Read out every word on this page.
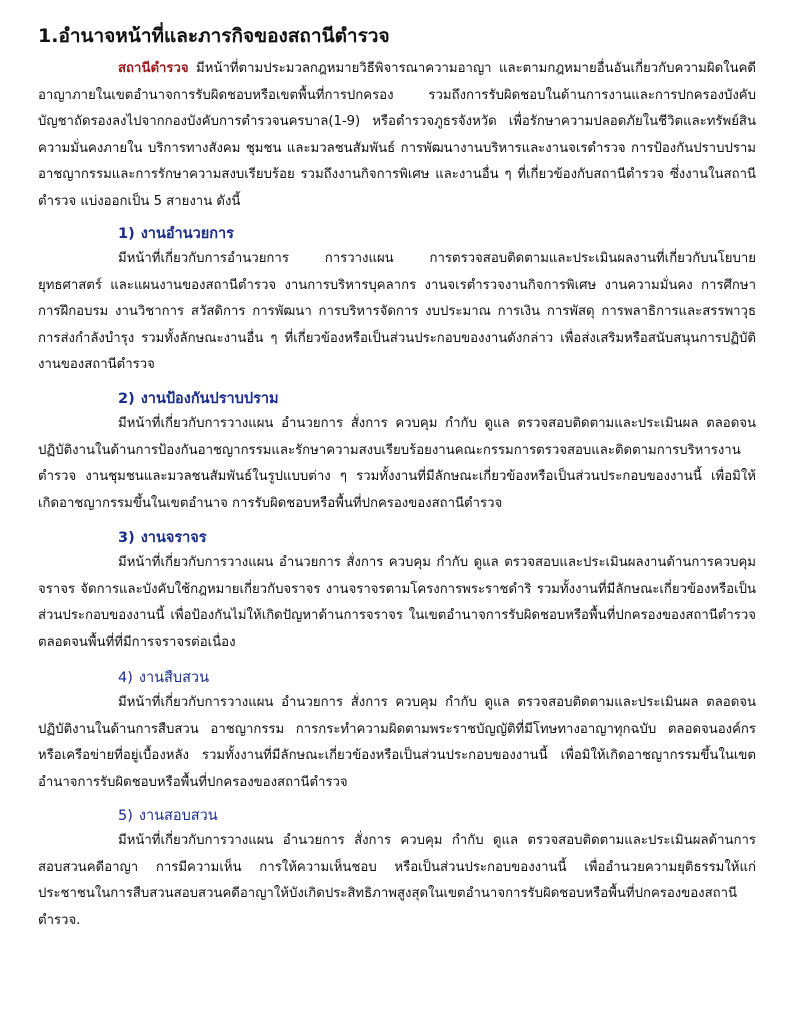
1.อำนาจหน้าที่และภารกิจของสถานีตำรวจ

สถานีตำรวจ มีหน้าที่ตามประมวลกฎหมายวิธีพิจารณาความอาญา และตามกฎหมายอื่นอันเกี่ยวกับความผิดในคดีอาญาภายในเขตอำนาจการรับผิดชอบหรือเขตพื้นที่การปกครอง รวมถึงการรับผิดชอบในด้านการงานและการปกครองบังคับบัญชาถัดรองลงไปจากกองบังคับการตำรวจนครบาล(1-9) หรือตำรวจภูธรจังหวัด เพื่อรักษาความปลอดภัยในชีวิตและทรัพย์สินความมั่นคงภายใน บริการทางสังคม ชุมชน และมวลชนสัมพันธ์ การพัฒนางานบริหารและงานจเรตำรวจ การป้องกันปราบปรามอาชญากรรมและการรักษาความสงบเรียบร้อย รวมถึงงานกิจการพิเศษ และงานอื่น ๆ ที่เกี่ยวข้องกับสถานีตำรวจ ซึ่งงานในสถานีตำรวจ แบ่งออกเป็น 5 สายงาน ดังนี้

1) งานอำนวยการ

มีหน้าที่เกี่ยวกับการอำนวยการ การวางแผน การตรวจสอบติดตามและประเมินผลงานที่เกี่ยวกับนโยบายยุทธศาสตร์ และแผนงานของสถานีตำรวจ งานการบริหารบุคลากร งานจเรตำรวจงานกิจการพิเศษ งานความมั่นคง การศึกษาการฝึกอบรม งานวิชาการ สวัสดิการ การพัฒนา การบริหารจัดการ งบประมาณ การเงิน การพัสดุ การพลาธิการและสรรพาวุธการส่งกำลังบำรุง รวมทั้งลักษณะงานอื่น ๆ ที่เกี่ยวข้องหรือเป็นส่วนประกอบของงานดังกล่าว เพื่อส่งเสริมหรือสนับสนุนการปฏิบัติงานของสถานีตำรวจ

2) งานป้องกันปราบปราม

มีหน้าที่เกี่ยวกับการวางแผน อำนวยการ สั่งการ ควบคุม กำกับ ดูแล ตรวจสอบติดตามและประเมินผล ตลอดจนปฏิบัติงานในด้านการป้องกันอาชญากรรมและรักษาความสงบเรียบร้อยงานคณะกรรมการตรวจสอบและติดตามการบริหารงานตำรวจ งานชุมชนและมวลชนสัมพันธ์ในรูปแบบต่าง ๆ รวมทั้งงานที่มีลักษณะเกี่ยวข้องหรือเป็นส่วนประกอบของงานนี้ เพื่อมิให้เกิดอาชญากรรมขึ้นในเขตอำนาจ การรับผิดชอบหรือพื้นที่ปกครองของสถานีตำรวจ

3) งานจราจร

มีหน้าที่เกี่ยวกับการวางแผน อำนวยการ สั่งการ ควบคุม กำกับ ดูแล ตรวจสอบและประเมินผลงานด้านการควบคุมจราจร จัดการและบังคับใช้กฎหมายเกี่ยวกับจราจร งานจราจรตามโครงการพระราชดำริ รวมทั้งงานที่มีลักษณะเกี่ยวข้องหรือเป็นส่วนประกอบของงานนี้ เพื่อป้องกันไม่ให้เกิดปัญหาด้านการจราจร ในเขตอำนาจการรับผิดชอบหรือพื้นที่ปกครองของสถานีตำรวจ ตลอดจนพื้นที่ที่มีการจราจรต่อเนื่อง

4) งานสืบสวน

มีหน้าที่เกี่ยวกับการวางแผน อำนวยการ สั่งการ ควบคุม กำกับ ดูแล ตรวจสอบติดตามและประเมินผล ตลอดจนปฏิบัติงานในด้านการสืบสวน อาชญากรรม การกระทำความผิดตามพระราชบัญญัติที่มีโทษทางอาญาทุกฉบับ ตลอดจนองค์กรหรือเครือข่ายที่อยู่เบื้องหลัง รวมทั้งงานที่มีลักษณะเกี่ยวข้องหรือเป็นส่วนประกอบของงานนี้ เพื่อมิให้เกิดอาชญากรรมขึ้นในเขตอำนาจการรับผิดชอบหรือพื้นที่ปกครองของสถานีตำรวจ

5) งานสอบสวน

มีหน้าที่เกี่ยวกับการวางแผน อำนวยการ สั่งการ ควบคุม กำกับ ดูแล ตรวจสอบติดตามและประเมินผลด้านการสอบสวนคดีอาญา การมีความเห็น การให้ความเห็นชอบ หรือเป็นส่วนประกอบของงานนี้ เพื่ออำนวยความยุติธรรมให้แก่ประชาชนในการสืบสวนสอบสวนคดีอาญาให้บังเกิดประสิทธิภาพสูงสุดในเขตอำนาจการรับผิดชอบหรือพื้นที่ปกครองของสถานีตำรวจ.
